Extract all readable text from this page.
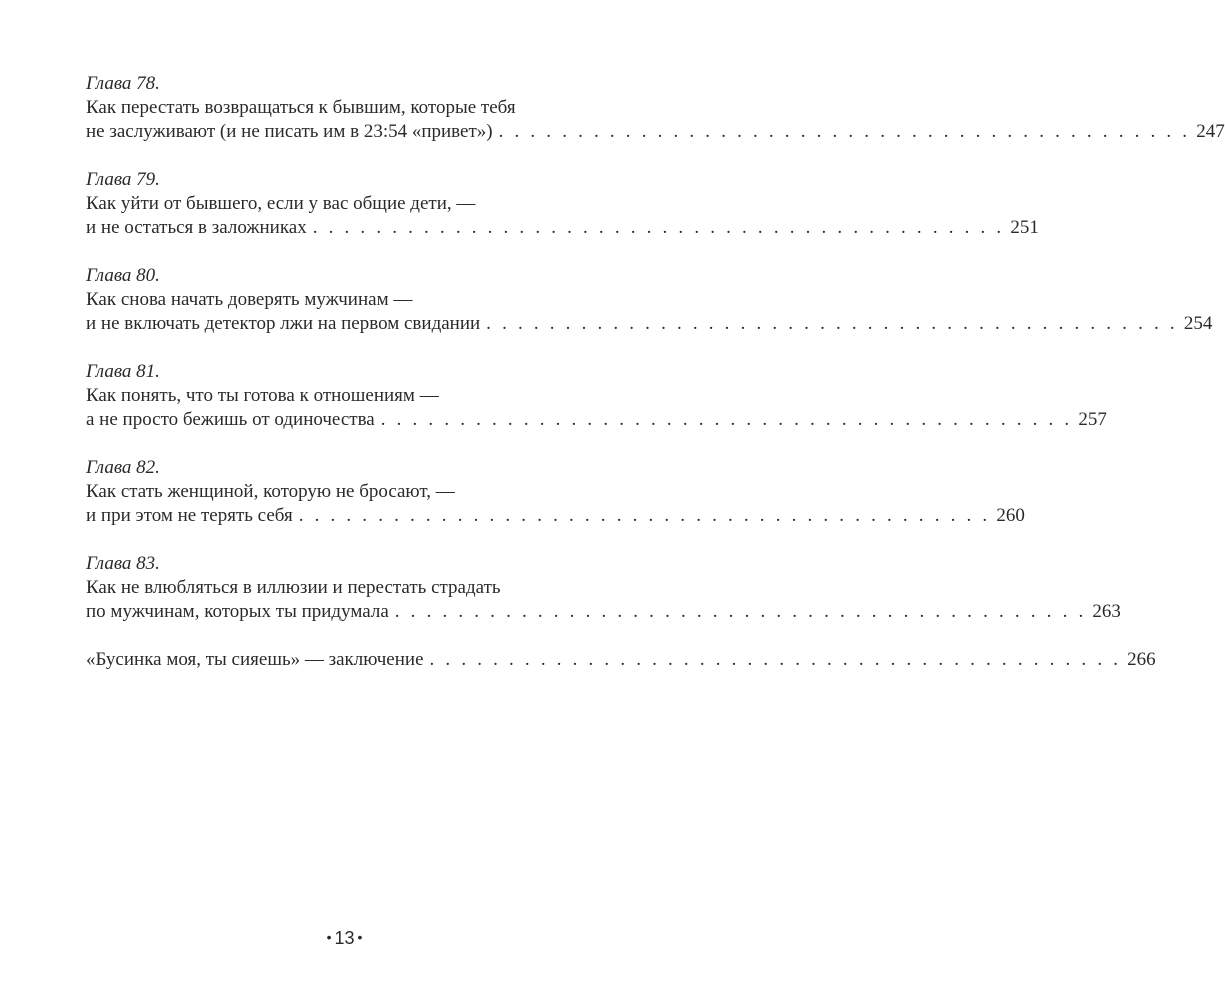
Глава 78.
Как перестать возвращаться к бывшим, которые тебя
не заслуживают (и не писать им в 23:54 «привет») . . . . . . . . . . . . . . . . . . . . . . . . . . . . . . . . . . . . . . . . . . . . 247
Глава 79.
Как уйти от бывшего, если у вас общие дети, —
и не остаться в заложниках . . . . . . . . . . . . . . . . . . . . . . . . . . . . . . . . . . . . . . . . . . . . 251
Глава 80.
Как снова начать доверять мужчинам —
и не включать детектор лжи на первом свидании . . . . . . . . . . . . . . . . . . . . . . . . . . . . . . . . . . . . . . . . . . . . 254
Глава 81.
Как понять, что ты готова к отношениям —
а не просто бежишь от одиночества . . . . . . . . . . . . . . . . . . . . . . . . . . . . . . . . . . . . . . . . . . . . 257
Глава 82.
Как стать женщиной, которую не бросают, —
и при этом не терять себя . . . . . . . . . . . . . . . . . . . . . . . . . . . . . . . . . . . . . . . . . . . . 260
Глава 83.
Как не влюбляться в иллюзии и перестать страдать
по мужчинам, которых ты придумала . . . . . . . . . . . . . . . . . . . . . . . . . . . . . . . . . . . . . . . . . . . . 263
«Бусинка моя, ты сияешь» — заключение . . . . . . . . . . . . . . . . . . . . . . . . . . . . . . . . . . . . . . . . . . . . 266
• 13 •
